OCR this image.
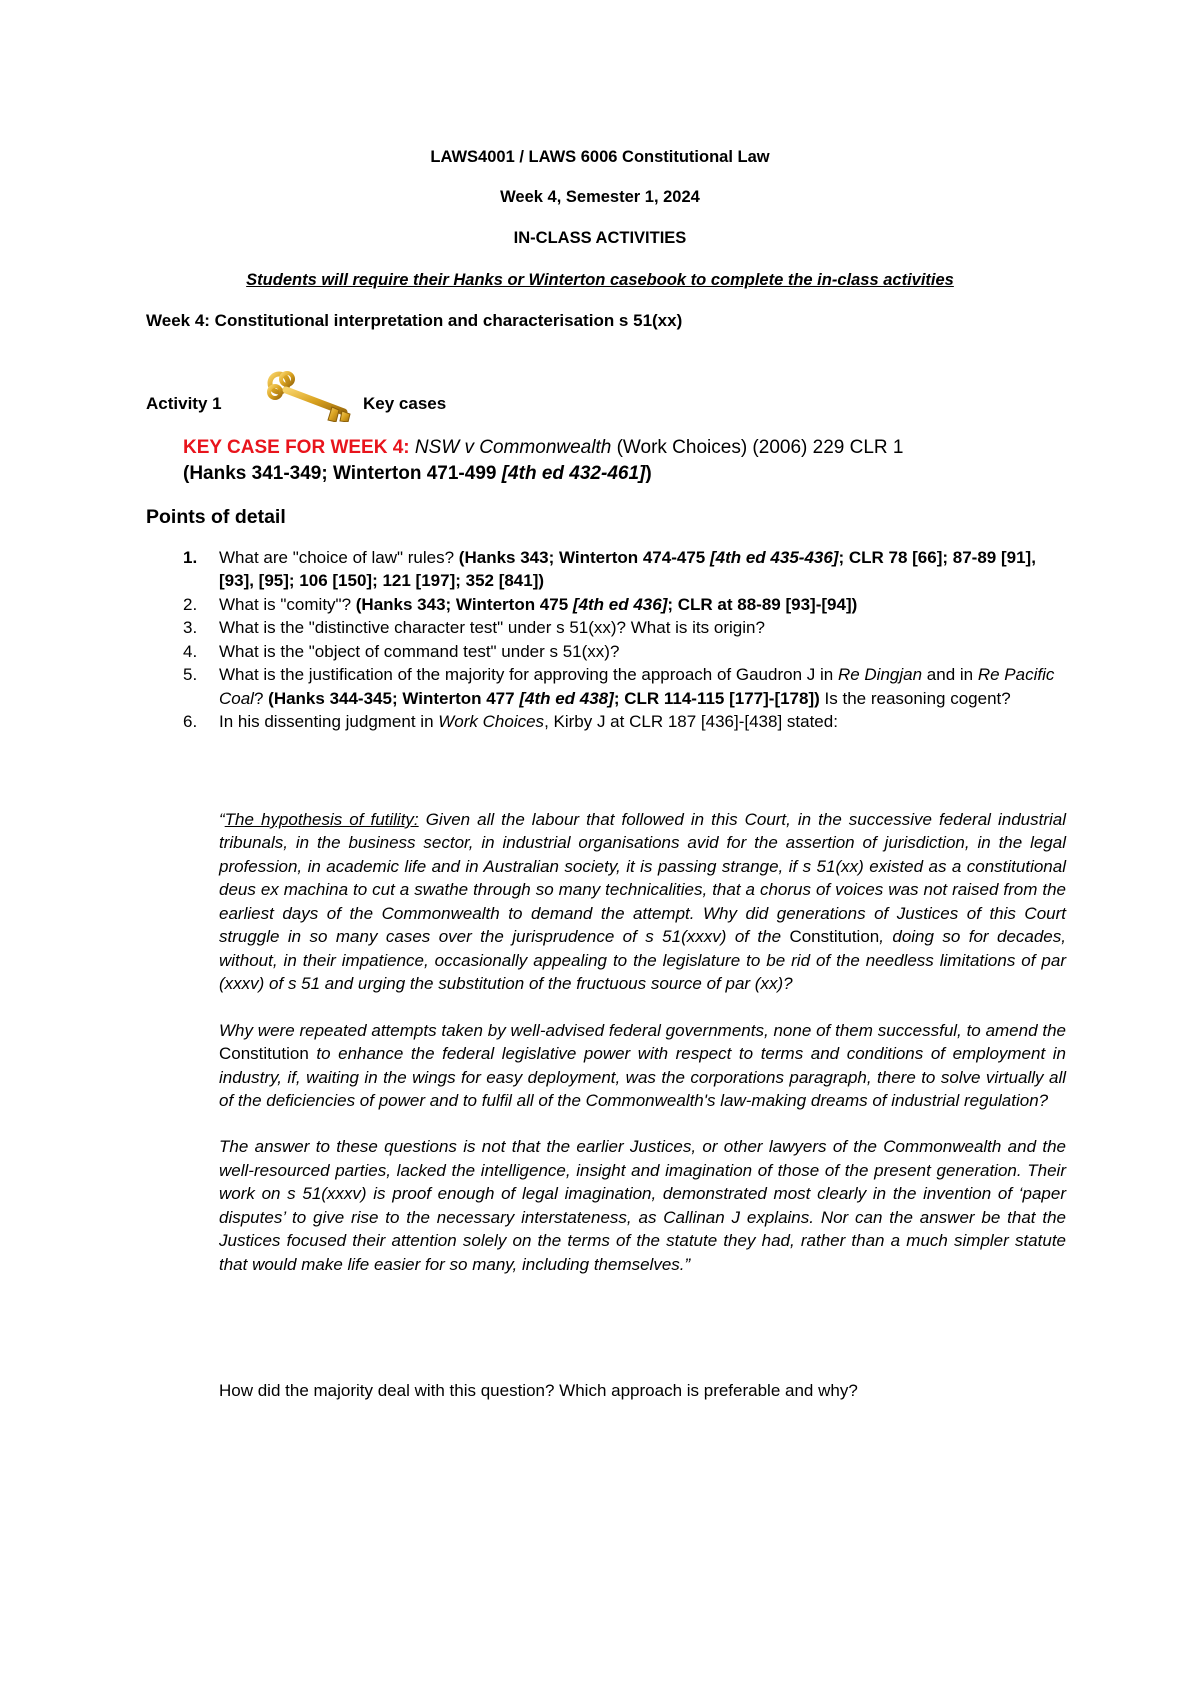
LAWS4001 / LAWS 6006 Constitutional Law
Week 4, Semester 1, 2024
IN-CLASS ACTIVITIES
Students will require their Hanks or Winterton casebook to complete the in-class activities
Week 4: Constitutional interpretation and characterisation s 51(xx)
Activity 1	Key cases
KEY CASE FOR WEEK 4: NSW v Commonwealth (Work Choices) (2006) 229 CLR 1
(Hanks 341-349; Winterton 471-499 [4th ed 432-461])
Points of detail
1. What are "choice of law" rules? (Hanks 343; Winterton 474-475 [4th ed 435-436]; CLR 78 [66]; 87-89 [91], [93], [95]; 106 [150]; 121 [197]; 352 [841])
2. What is "comity"? (Hanks 343; Winterton 475 [4th ed 436]; CLR at 88-89 [93]-[94])
3. What is the "distinctive character test" under s 51(xx)? What is its origin?
4. What is the "object of command test" under s 51(xx)?
5. What is the justification of the majority for approving the approach of Gaudron J in Re Dingjan and in Re Pacific Coal? (Hanks 344-345; Winterton 477 [4th ed 438]; CLR 114-115 [177]-[178]) Is the reasoning cogent?
6. In his dissenting judgment in Work Choices, Kirby J at CLR 187 [436]-[438] stated:

“The hypothesis of futility: Given all the labour that followed in this Court, in the successive federal industrial tribunals, in the business sector, in industrial organisations avid for the assertion of jurisdiction, in the legal profession, in academic life and in Australian society, it is passing strange, if s 51(xx) existed as a constitutional deus ex machina to cut a swathe through so many technicalities, that a chorus of voices was not raised from the earliest days of the Commonwealth to demand the attempt. Why did generations of Justices of this Court struggle in so many cases over the jurisprudence of s 51(xxxv) of the Constitution, doing so for decades, without, in their impatience, occasionally appealing to the legislature to be rid of the needless limitations of par (xxxv) of s 51 and urging the substitution of the fructuous source of par (xx)?

Why were repeated attempts taken by well-advised federal governments, none of them successful, to amend the Constitution to enhance the federal legislative power with respect to terms and conditions of employment in industry, if, waiting in the wings for easy deployment, was the corporations paragraph, there to solve virtually all of the deficiencies of power and to fulfil all of the Commonwealth's law-making dreams of industrial regulation?

The answer to these questions is not that the earlier Justices, or other lawyers of the Commonwealth and the well-resourced parties, lacked the intelligence, insight and imagination of those of the present generation. Their work on s 51(xxxv) is proof enough of legal imagination, demonstrated most clearly in the invention of ‘paper disputes’ to give rise to the necessary interstateness, as Callinan J explains. Nor can the answer be that the Justices focused their attention solely on the terms of the statute they had, rather than a much simpler statute that would make life easier for so many, including themselves.”

How did the majority deal with this question? Which approach is preferable and why?
